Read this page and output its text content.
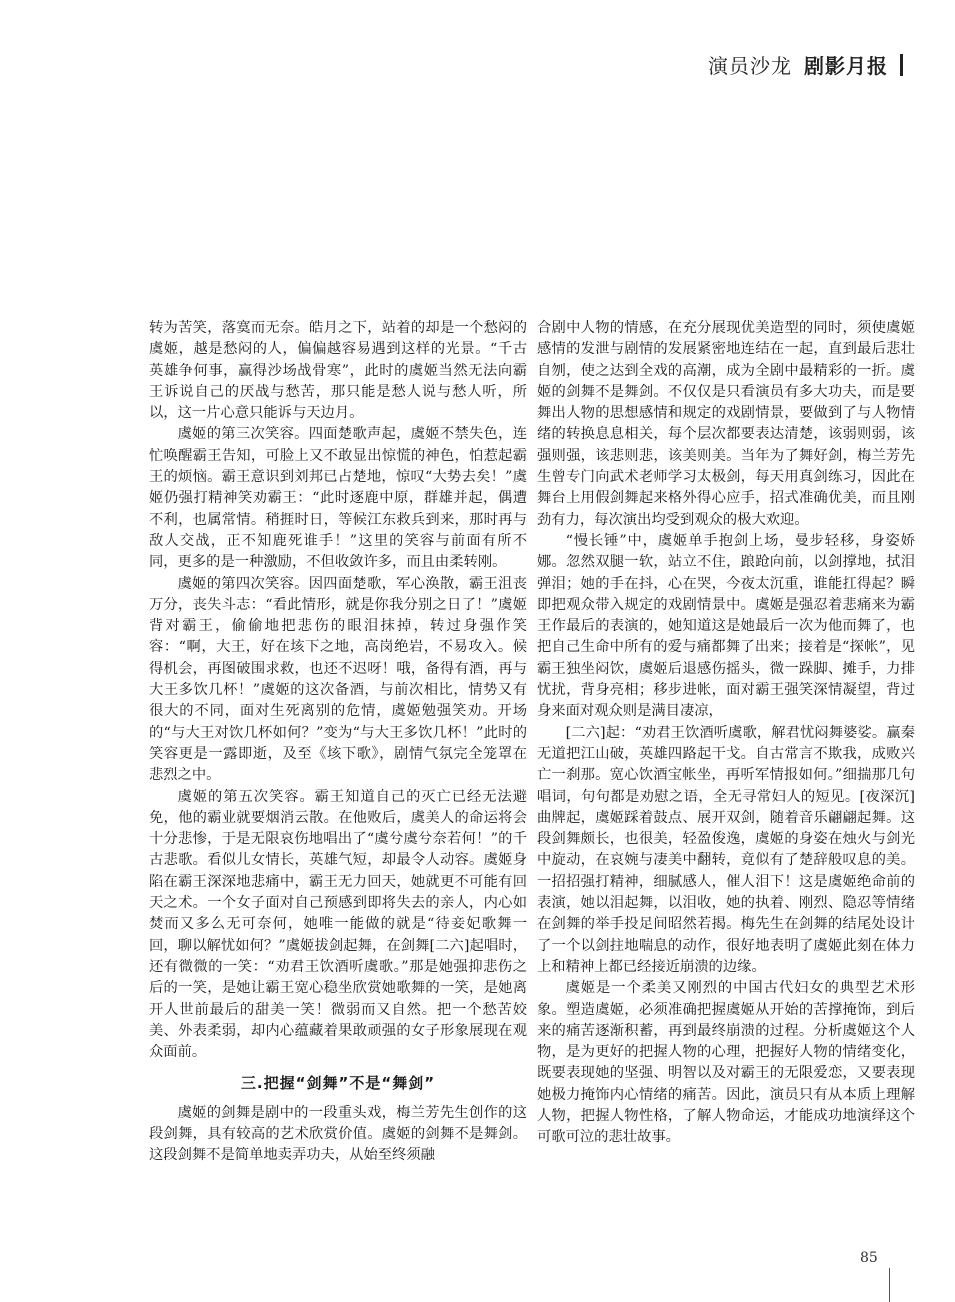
演员沙龙 剧影月报

转为苦笑，落寞而无奈。皓月之下，站着的却是一个愁闷的虞姬，越是愁闷的人，偏偏越容易遇到这样的光景。“千古英雄争何事，赢得沙场战骨寒”，此时的虞姬当然无法向霸王诉说自己的厌战与愁苦，那只能是愁人说与愁人听，所以，这一片心意只能诉与天边月。

虞姬的第三次笑容。四面楚歌声起，虞姬不禁失色，连忙唤醒霸王告知，可脸上又不敢显出惊慌的神色，怕惹起霸王的烦恼。霸王意识到刘邦已占楚地，惊叹“大势去矣！”虞姬仍强打精神笑劝霸王：“此时逐鹿中原，群雄并起，偶遭不利，也属常情。稍捱时日，等候江东救兵到来，那时再与敌人交战，正不知鹿死谁手！”这里的笑容与前面有所不同，更多的是一种激励，不但收敛许多，而且由柔转刚。

虞姬的第四次笑容。因四面楚歌，军心涣散，霸王沮丧万分，丧失斗志：“看此情形，就是你我分别之日了！”虞姬背对霸王，偷偷地把悲伤的眼泪抹掉，转过身强作笑容：“啊，大王，好在垓下之地，高岗绝岩，不易攻入。候得机会，再图破围求救，也还不迟呀！哦，备得有酒，再与大王多饮几杯！”虞姬的这次备酒，与前次相比，情势又有很大的不同，面对生死离别的危情，虞姬勉强笑劝。开场的“与大王对饮几杯如何？”变为“与大王多饮几杯！”此时的笑容更是一露即逝，及至《垓下歌》，剧情气氛完全笼罩在悲烈之中。

虞姬的第五次笑容。霸王知道自己的灭亡已经无法避免，他的霸业就要烟消云散。在他败后，虞美人的命运将会十分悲惨，于是无限哀伤地唱出了“虞兮虞兮奈若何！”的千古悲歌。看似儿女情长，英雄气短，却最令人动容。虞姬身陷在霸王深深地悲痛中，霸王无力回天，她就更不可能有回天之术。一个女子面对自己预感到即将失去的亲人，内心如焚而又多么无可奈何，她唯一能做的就是“待妾妃歌舞一回，聊以解忧如何？”虞姬拔剑起舞，在剑舞[二六]起唱时，还有微微的一笑：“劝君王饮酒听虞歌。”那是她强抑悲伤之后的一笑，是她让霸王宽心稳坐欣赏她歌舞的一笑，是她离开人世前最后的甜美一笑！微弱而又自然。把一个愁苦姣美、外表柔弱，却内心蕴藏着果敢顽强的女子形象展现在观众面前。

三.把握“剑舞”不是“舞剑”

虞姬的剑舞是剧中的一段重头戏，梅兰芳先生创作的这段剑舞，具有较高的艺术欣赏价值。虞姬的剑舞不是舞剑。这段剑舞不是简单地卖弄功夫，从始至终须融

合剧中人物的情感，在充分展现优美造型的同时，须使虞姬感情的发泄与剧情的发展紧密地连结在一起，直到最后悲壮自刎，使之达到全戏的高潮，成为全剧中最精彩的一折。虞姬的剑舞不是舞剑。不仅仅是只看演员有多大功夫，而是要舞出人物的思想感情和规定的戏剧情景，要做到了与人物情绪的转换息息相关，每个层次都要表达清楚，该弱则弱，该强则强，该悲则悲，该美则美。当年为了舞好剑，梅兰芳先生曾专门向武术老师学习太极剑，每天用真剑练习，因此在舞台上用假剑舞起来格外得心应手，招式准确优美，而且刚劲有力，每次演出均受到观众的极大欢迎。

“慢长锤”中，虞姬单手抱剑上场，曼步轻移，身姿娇娜。忽然双腿一软，站立不住，踉跄向前，以剑撑地，拭泪弹泪；她的手在抖，心在哭，今夜太沉重，谁能扛得起？瞬即把观众带入规定的戏剧情景中。虞姬是强忍着悲痛来为霸王作最后的表演的，她知道这是她最后一次为他而舞了，也把自己生命中所有的爱与痛都舞了出来；接着是“探帐”，见霸王独坐闷饮，虞姬后退感伤摇头，微一跺脚、摊手，力排忧扰，背身亮相；移步进帐，面对霸王强笑深情凝望，背过身来面对观众则是满目凄凉，

[二六]起：“劝君王饮酒听虞歌，解君忧闷舞婆娑。赢秦无道把江山破，英雄四路起干戈。自古常言不欺我，成败兴亡一刹那。宽心饮酒宝帐坐，再听军情报如何。”细揣那几句唱词，句句都是劝慰之语，全无寻常妇人的短见。[夜深沉]曲牌起，虞姬踩着鼓点、展开双剑，随着音乐翩翩起舞。这段剑舞颇长，也很美，轻盈俊逸，虞姬的身姿在烛火与剑光中旋动，在哀婉与凄美中翻转，竟似有了楚辞般叹息的美。一招招强打精神，细腻感人，催人泪下！这是虞姬绝命前的表演，她以泪起舞，以泪收，她的执着、刚烈、隐忍等情绪在剑舞的举手投足间昭然若揭。梅先生在剑舞的结尾处设计了一个以剑拄地喘息的动作，很好地表明了虞姬此刻在体力上和精神上都已经接近崩溃的边缘。

虞姬是一个柔美又刚烈的中国古代妇女的典型艺术形象。塑造虞姬，必须准确把握虞姬从开始的苦撑掩饰，到后来的痛苦逐渐积蓄，再到最终崩溃的过程。分析虞姬这个人物，是为更好的把握人物的心理，把握好人物的情绪变化，既要表现她的坚强、明智以及对霸王的无限爱恋，又要表现她极力掩饰内心情绪的痛苦。因此，演员只有从本质上理解人物，把握人物性格，了解人物命运，才能成功地演绎这个可歌可泣的悲壮故事。

85
